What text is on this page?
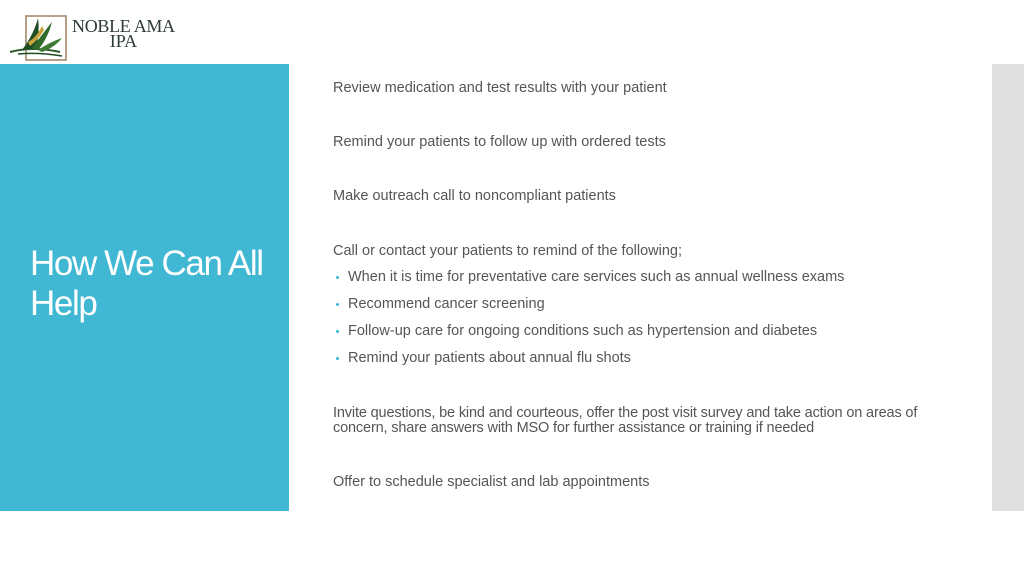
NOBLE AMA
IPA
How We Can All Help

Review medication and test results with your patient

Remind your patients to follow up with ordered tests

Make outreach call to noncompliant patients

Call or contact your patients to remind of the following;

When it is time for preventative care services such as annual wellness exams
Recommend cancer screening
Follow-up care for ongoing conditions such as hypertension and diabetes
Remind your patients about annual flu shots

Invite questions, be kind and courteous, offer the post visit survey and take action on areas of concern, share answers with MSO for further assistance or training if needed

Offer to schedule specialist and lab appointments
